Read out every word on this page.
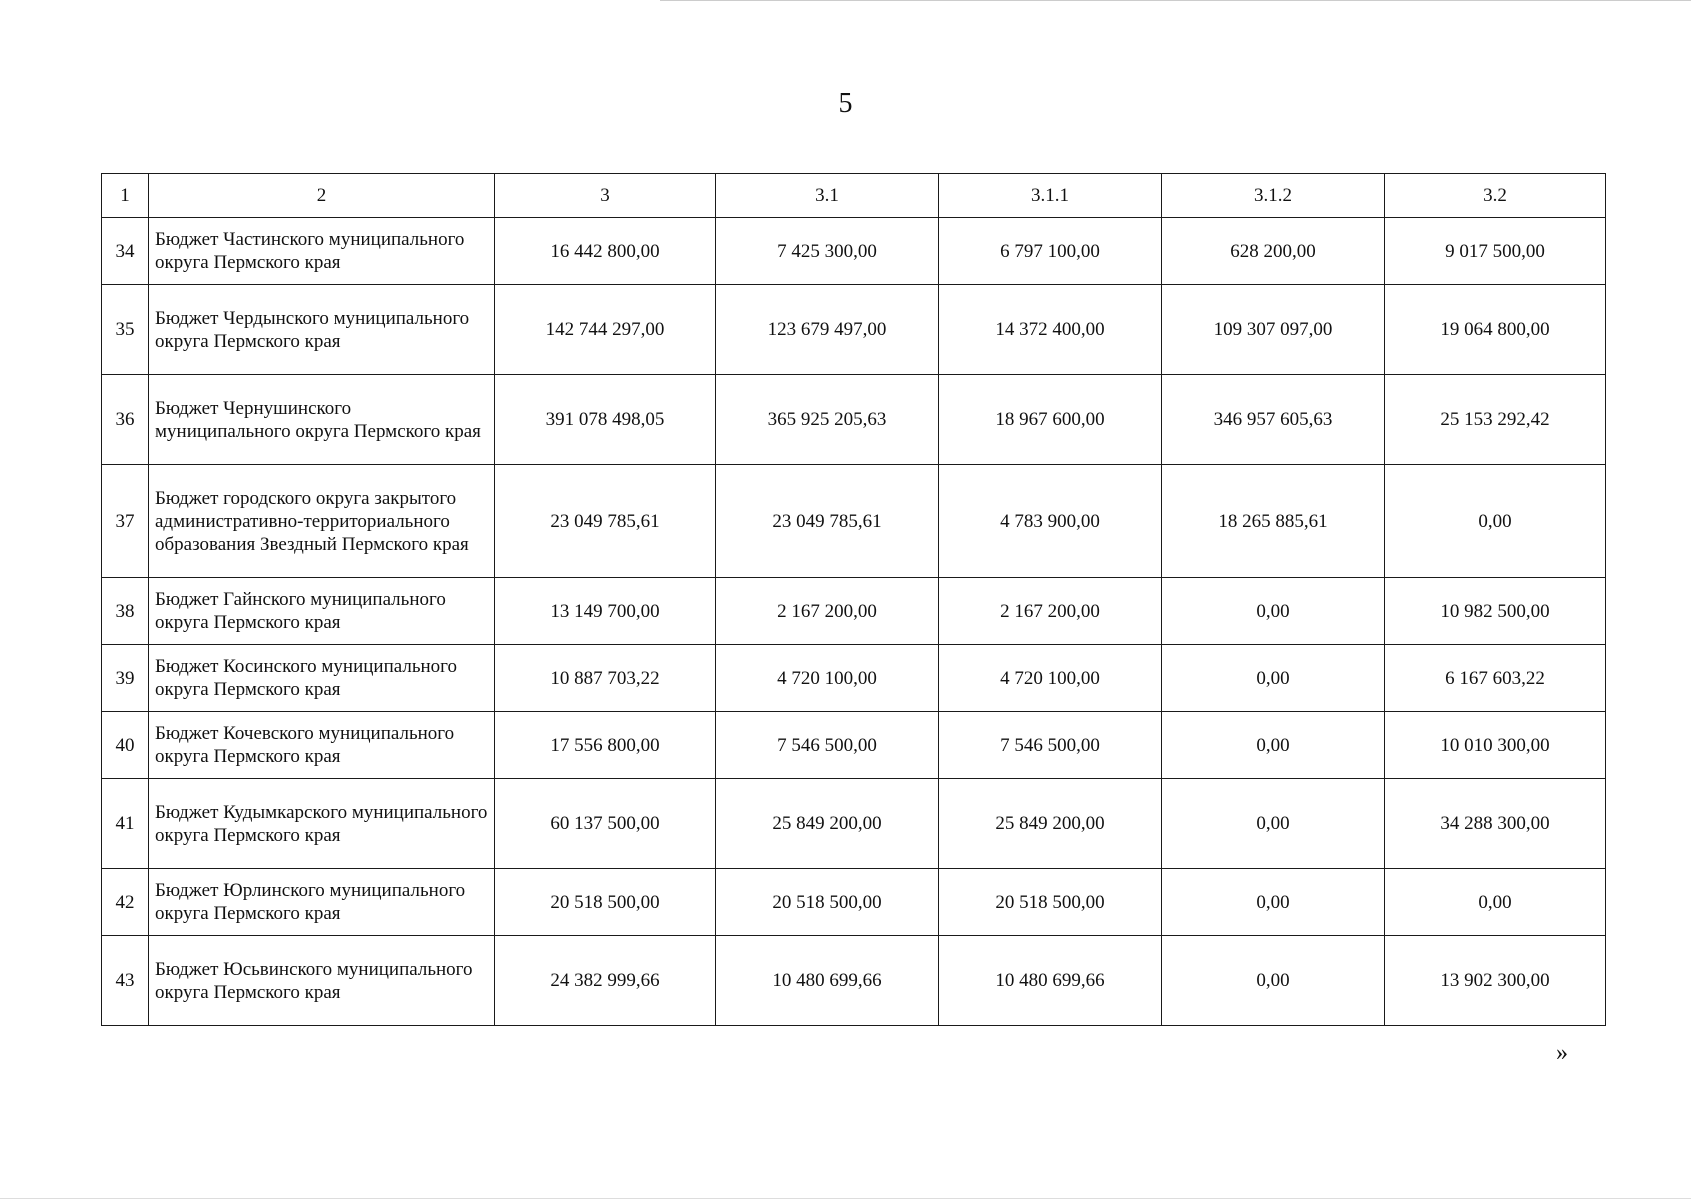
5
1	2	3	3.1	3.1.1	3.1.2	3.2
34	Бюджет Частинского муниципального округа Пермского края	16 442 800,00	7 425 300,00	6 797 100,00	628 200,00	9 017 500,00
35	Бюджет Чердынского муниципального округа Пермского края	142 744 297,00	123 679 497,00	14 372 400,00	109 307 097,00	19 064 800,00
36	Бюджет Чернушинского муниципального округа Пермского края	391 078 498,05	365 925 205,63	18 967 600,00	346 957 605,63	25 153 292,42
37	Бюджет городского округа закрытого административно-территориального образования Звездный Пермского края	23 049 785,61	23 049 785,61	4 783 900,00	18 265 885,61	0,00
38	Бюджет Гайнского муниципального округа Пермского края	13 149 700,00	2 167 200,00	2 167 200,00	0,00	10 982 500,00
39	Бюджет Косинского муниципального округа Пермского края	10 887 703,22	4 720 100,00	4 720 100,00	0,00	6 167 603,22
40	Бюджет Кочевского муниципального округа Пермского края	17 556 800,00	7 546 500,00	7 546 500,00	0,00	10 010 300,00
41	Бюджет Кудымкарского муниципального округа Пермского края	60 137 500,00	25 849 200,00	25 849 200,00	0,00	34 288 300,00
42	Бюджет Юрлинского муниципального округа Пермского края	20 518 500,00	20 518 500,00	20 518 500,00	0,00	0,00
43	Бюджет Юсьвинского муниципального округа Пермского края	24 382 999,66	10 480 699,66	10 480 699,66	0,00	13 902 300,00
»
